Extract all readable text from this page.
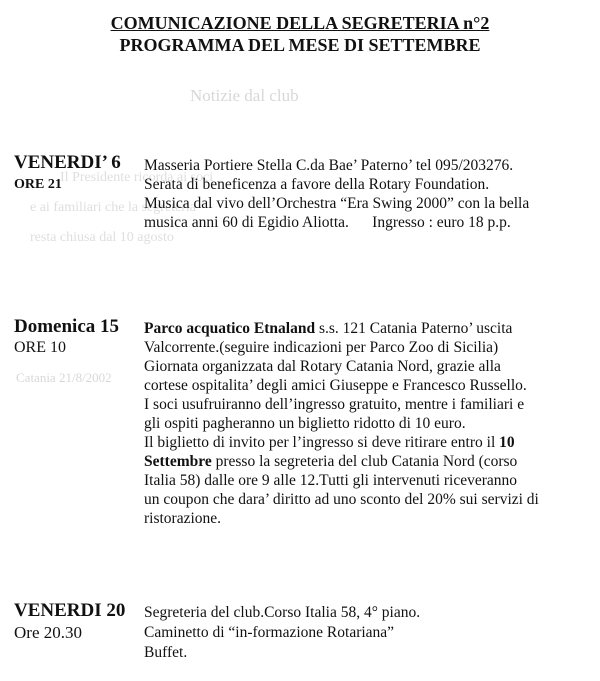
Notizie dal club
Il Presidente ricorda ai soci
e ai familiari che la segreteria
resta chiusa dal 10 agosto
Catania 21/8/2002
COMUNICAZIONE DELLA SEGRETERIA n°2
PROGRAMMA DEL MESE DI SETTEMBRE
VENERDI’ 6
ORE 21
Masseria Portiere Stella C.da Bae’ Paterno’ tel 095/203276.
Serata di beneficenza a favore della Rotary Foundation.
Musica dal vivo dell’Orchestra “Era Swing 2000” con la bella
musica anni 60 di Egidio Aliotta.      Ingresso : euro 18 p.p.
Domenica 15
ORE 10
Parco acquatico Etnaland s.s. 121 Catania Paterno’ uscita
Valcorrente.(seguire indicazioni per Parco Zoo di Sicilia)
Giornata organizzata dal Rotary Catania Nord, grazie alla
cortese ospitalita’ degli amici Giuseppe e Francesco Russello.
I soci usufruiranno dell’ingresso gratuito, mentre i familiari e
gli ospiti pagheranno un biglietto ridotto di 10 euro.
Il biglietto di invito per l’ingresso si deve ritirare entro il 10
Settembre presso la segreteria del club Catania Nord (corso
Italia 58) dalle ore 9 alle 12.Tutti gli intervenuti riceveranno
un coupon che dara’ diritto ad uno sconto del 20% sui servizi di
ristorazione.
VENERDI 20
Ore 20.30
Segreteria del club.Corso Italia 58, 4° piano.
Caminetto di “in-formazione Rotariana”
Buffet.
